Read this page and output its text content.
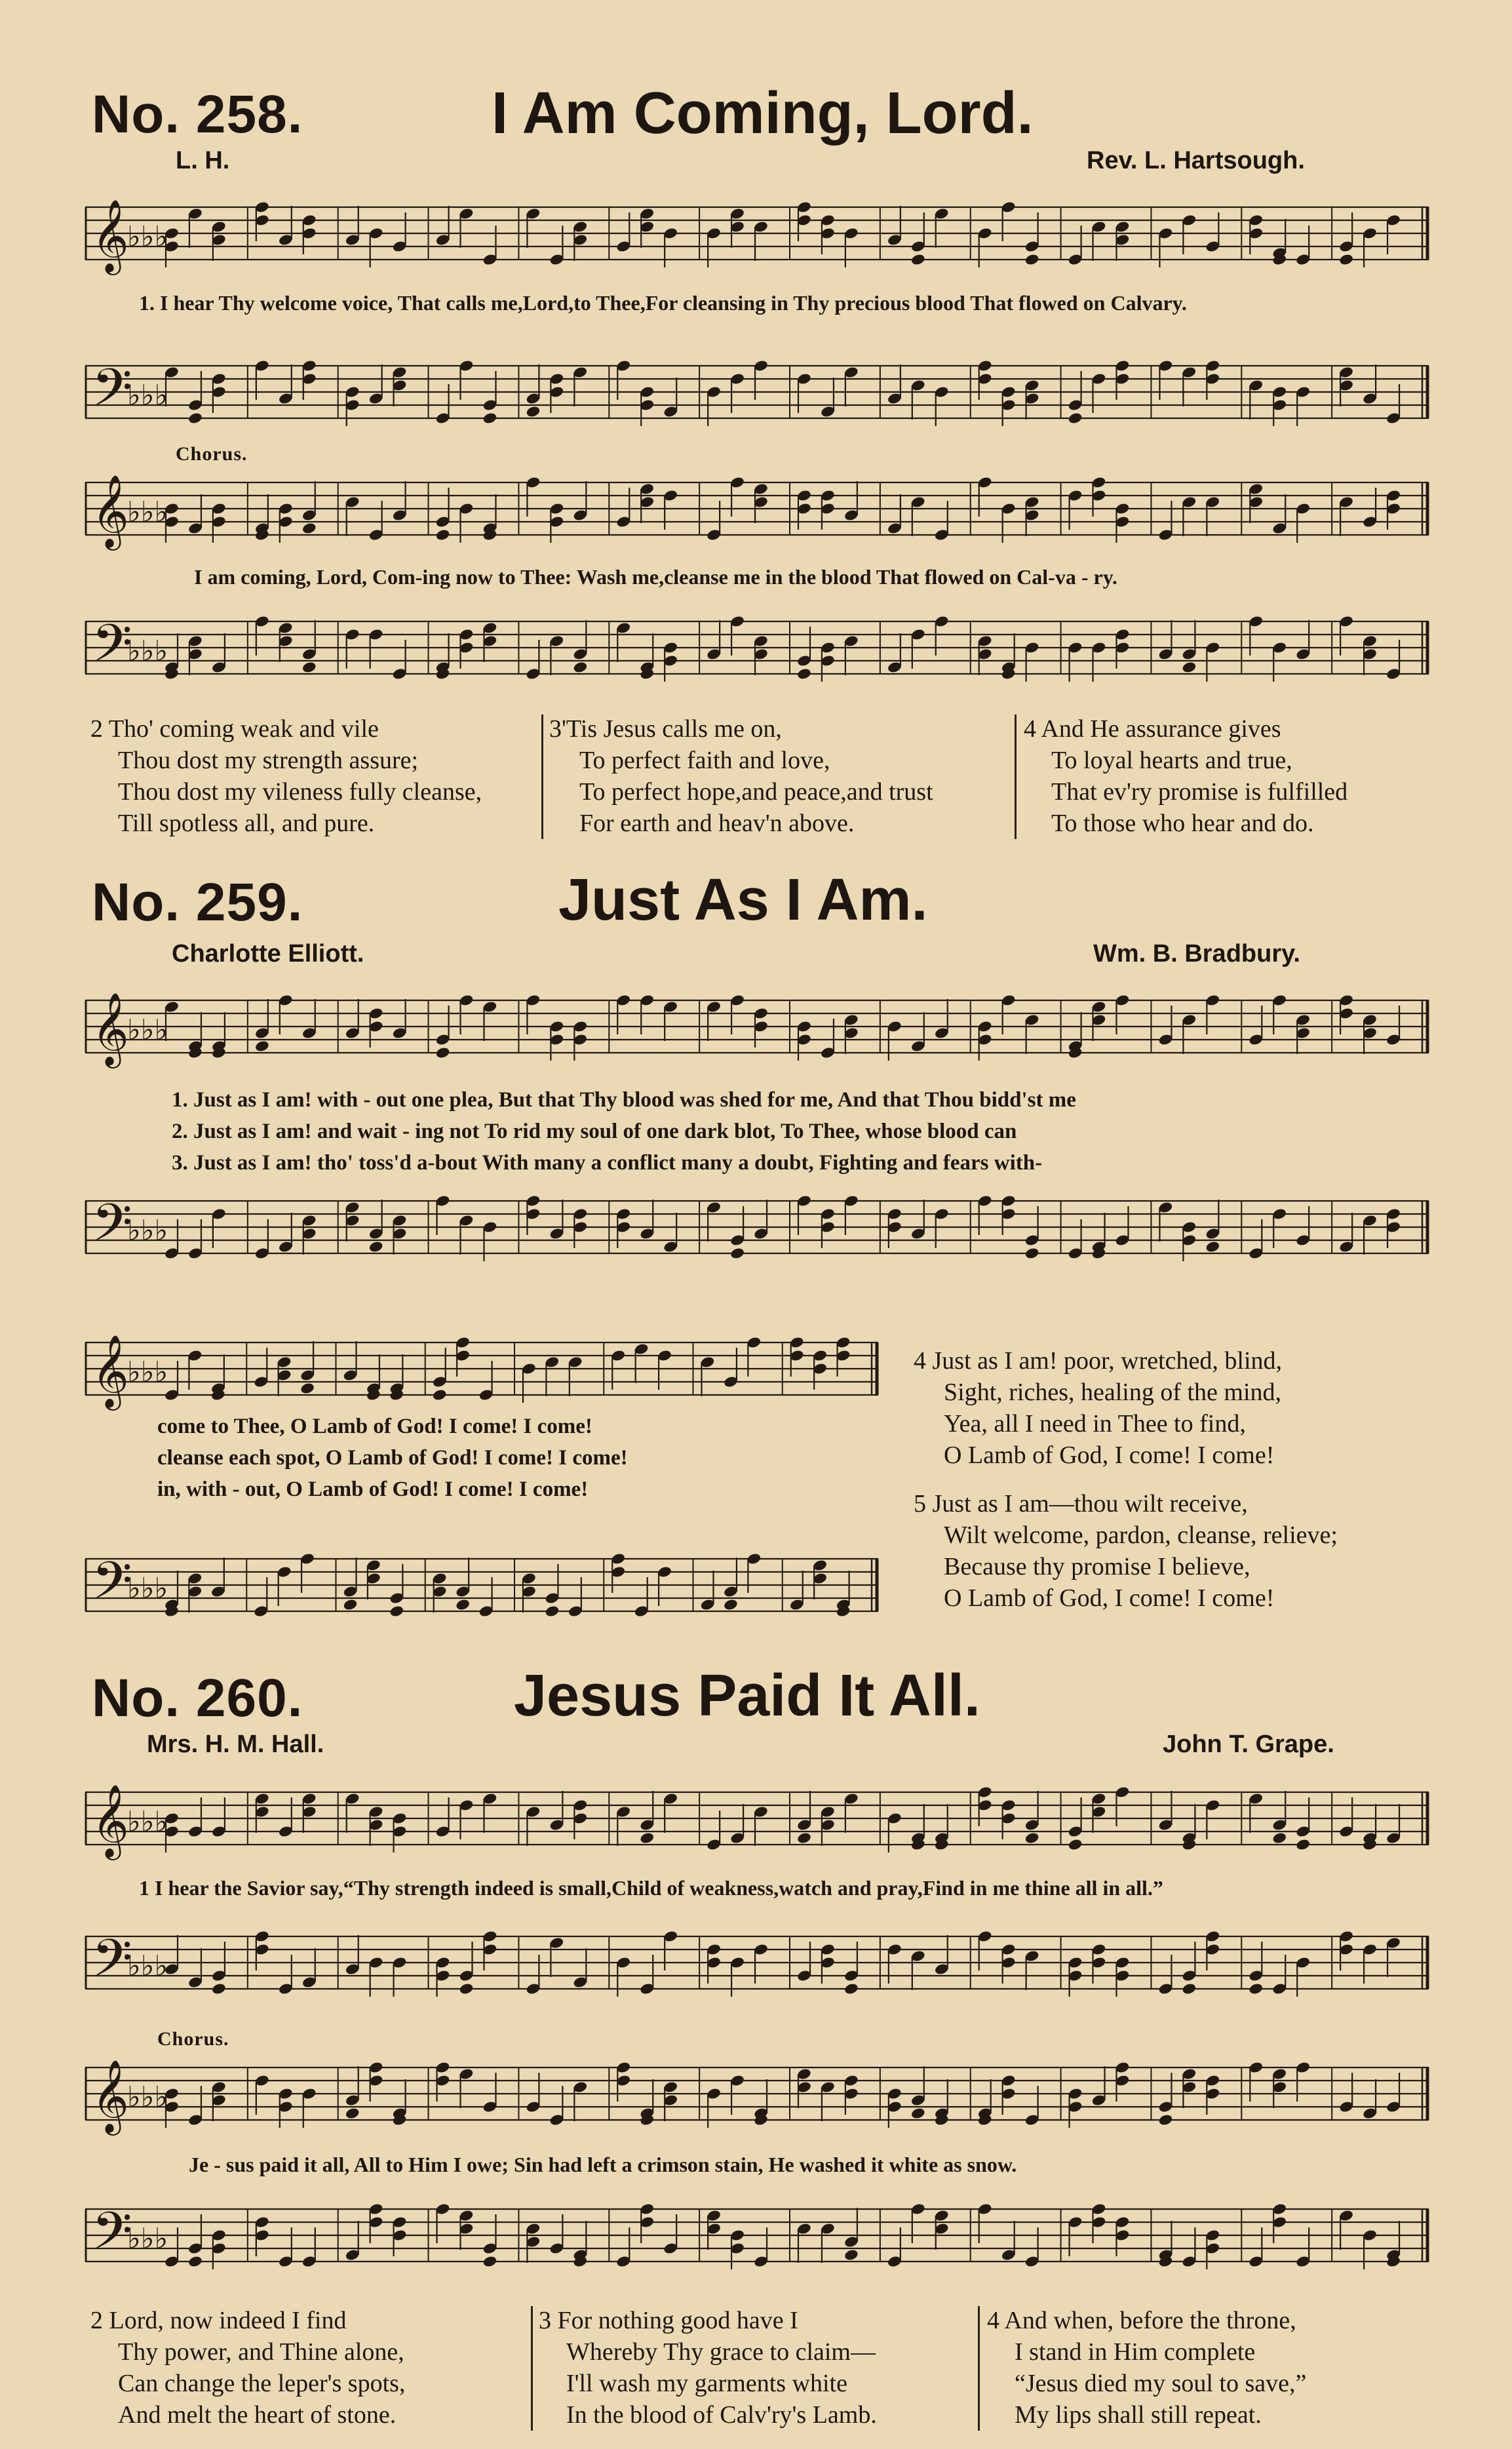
No. 258.	I Am Coming, Lord.
L. H.	Rev. L. Hartsough.
𝄞
♭♭♭
1. I hear Thy welcome voice, That calls me,Lord,to Thee,For cleansing in Thy precious blood That flowed on Calvary.
𝄢
♭♭♭
Chorus.
𝄞
♭♭♭
I am coming, Lord, Com-ing now to Thee: Wash me,cleanse me in the blood That flowed on Cal-va - ry.
𝄢
♭♭♭
2 Tho' coming weak and vile
Thou dost my strength assure;
Thou dost my vileness fully cleanse,
Till spotless all, and pure.
3'Tis Jesus calls me on,
To perfect faith and love,
To perfect hope,and peace,and trust
For earth and heav'n above.
4 And He assurance gives
To loyal hearts and true,
That ev'ry promise is fulfilled
To those who hear and do.
No. 259.	Just As I Am.
Charlotte Elliott.	Wm. B. Bradbury.
𝄞
♭♭♭
1. Just as I am! with - out one plea, But that Thy blood was shed for me, And that Thou bidd'st me
2. Just as I am! and wait - ing not To rid my soul of one dark blot, To Thee, whose blood can
3. Just as I am! tho' toss'd a-bout With many a conflict many a doubt, Fighting and fears with-
𝄢
♭♭♭
𝄞
♭♭♭
come to Thee, O Lamb of God! I come! I come!
cleanse each spot, O Lamb of God! I come! I come!
in, with - out, O Lamb of God! I come! I come!
𝄢
♭♭♭
4 Just as I am! poor, wretched, blind,
Sight, riches, healing of the mind,
Yea, all I need in Thee to find,
O Lamb of God, I come! I come!
5 Just as I am—thou wilt receive,
Wilt welcome, pardon, cleanse, relieve;
Because thy promise I believe,
O Lamb of God, I come! I come!
No. 260.	Jesus Paid It All.
Mrs. H. M. Hall.	John T. Grape.
𝄞
♭♭♭
1 I hear the Savior say,“Thy strength indeed is small,Child of weakness,watch and pray,Find in me thine all in all.”
𝄢
♭♭♭
Chorus.
𝄞
♭♭♭
Je - sus paid it all, All to Him I owe; Sin had left a crimson stain, He washed it white as snow.
𝄢
♭♭♭
2 Lord, now indeed I find
Thy power, and Thine alone,
Can change the leper's spots,
And melt the heart of stone.
3 For nothing good have I
Whereby Thy grace to claim—
I'll wash my garments white
In the blood of Calv'ry's Lamb.
4 And when, before the throne,
I stand in Him complete
“Jesus died my soul to save,”
My lips shall still repeat.
